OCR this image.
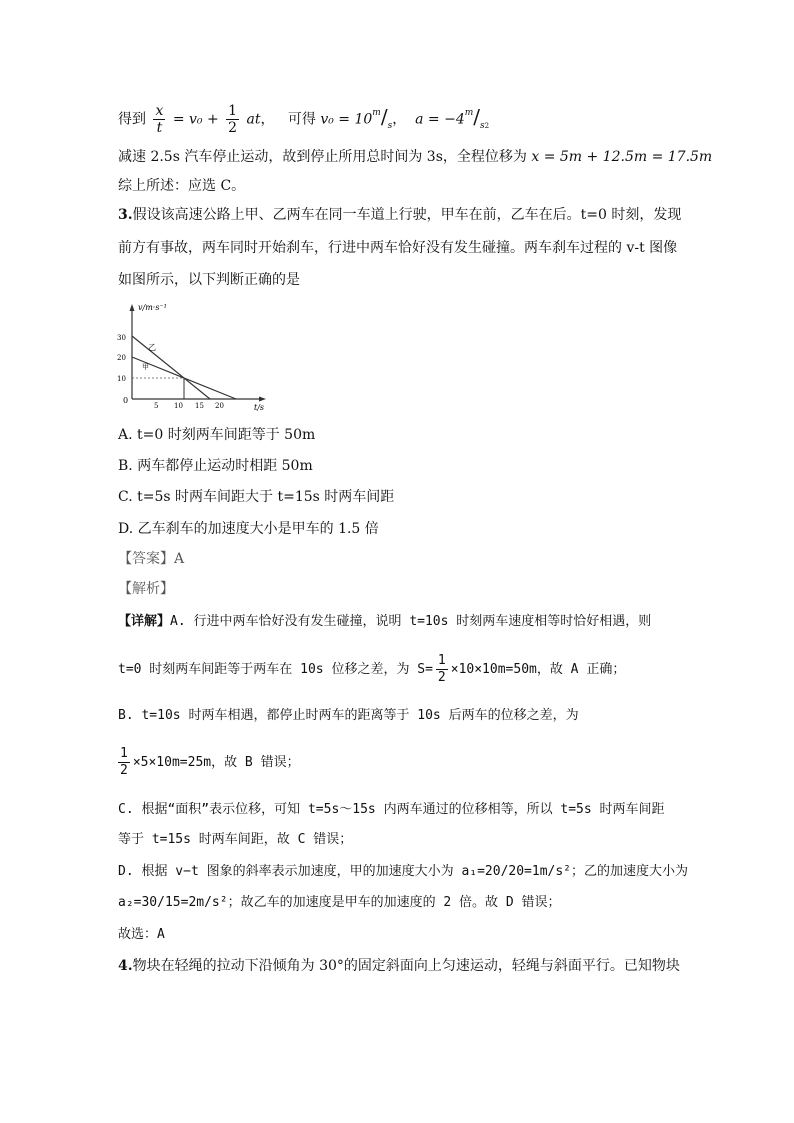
得到 $\frac{x}{t} = v_0 + \frac{1}{2}$ at， 可得 $v_0 = 10^m/s$， $a = -4^m/s2$
减速 2.5s 汽车停止运动，故到停止所用总时间为 3s，全程位移为 x = 5m + 12.5m = 17.5m
综上所述：应选 C。
3.假设该高速公路上甲、乙两车在同一车道上行驶，甲车在前，乙车在后。t=0 时刻，发现
前方有事故，两车同时开始刹车，行进中两车恰好没有发生碰撞。两车刹车过程的 v-t 图像
如图所示，以下判断正确的是
v/m·s⁻¹
t/s
0
30
20
10
5 10 15 20
乙
甲
A. t=0 时刻两车间距等于 50m
B. 两车都停止运动时相距 50m
C. t=5s 时两车间距大于 t=15s 时两车间距
D. 乙车刹车的加速度大小是甲车的 1.5 倍
【答案】A
【解析】
【详解】A. 行进中两车恰好没有发生碰撞，说明 t=10s 时刻两车速度相等时恰好相遇，则
t=0 时刻两车间距等于两车在 10s 位移之差，为 $S= \frac{1}{2} \times 10\times 10m=50m$，故 A 正确；
B. t=10s 时两车相遇，都停止时两车的距离等于 10s 后两车的位移之差，为
$\frac{1}{2} \times 5\times 10m=25m$，故 B 错误；
C. 根据“面积”表示位移，可知 t=5s～15s 内两车通过的位移相等，所以 t=5s 时两车间距
等于 t=15s 时两车间距，故 C 错误；
D. 根据 v−t 图象的斜率表示加速度，甲的加速度大小为 a₁=20/20=1m/s²；乙的加速度大小为
a₂=30/15=2m/s²；故乙车的加速度是甲车的加速度的 2 倍。故 D 错误；
故选：A
4.物块在轻绳的拉动下沿倾角为 30°的固定斜面向上匀速运动，轻绳与斜面平行。已知物块
